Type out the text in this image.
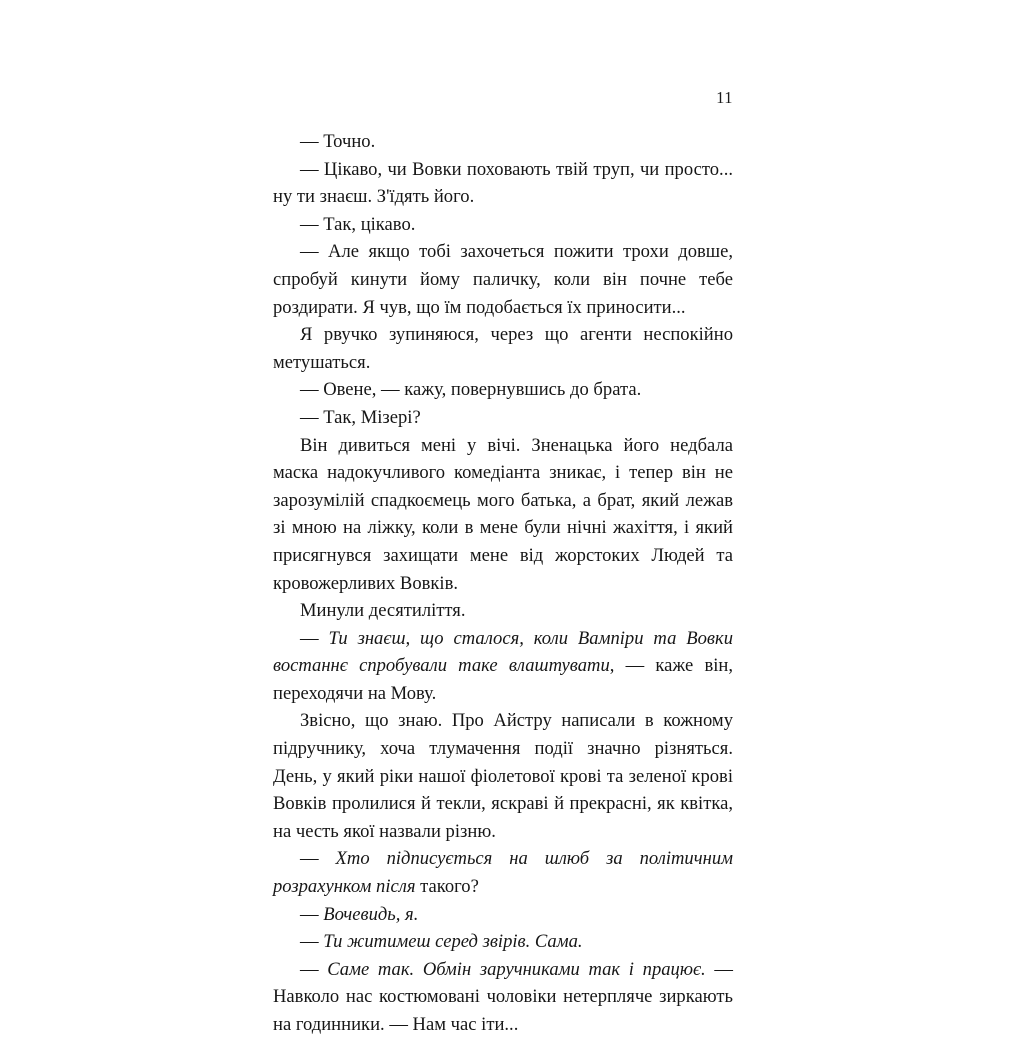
11

— Точно.

— Цікаво, чи Вовки поховають твій труп, чи просто... ну ти знаєш. З'їдять його.

— Так, цікаво.

— Але якщо тобі захочеться пожити трохи довше, спробуй кинути йому паличку, коли він почне тебе роздирати. Я чув, що їм подобається їх приносити...

Я рвучко зупиняюся, через що агенти неспокійно метушаться.

— Овене, — кажу, повернувшись до брата.

— Так, Мізері?

Він дивиться мені у вічі. Зненацька його недбала маска надокучливого комедіанта зникає, і тепер він не зарозумілій спадкоємець мого батька, а брат, який лежав зі мною на ліжку, коли в мене були нічні жахіття, і який присягнувся захищати мене від жорстоких Людей та кровожерливих Вовків.

Минули десятиліття.

— Ти знаєш, що сталося, коли Вампіри та Вовки востаннє спробували таке влаштувати, — каже він, переходячи на Мову.

Звісно, що знаю. Про Айстру написали в кожному підручнику, хоча тлумачення події значно різняться. День, у який ріки нашої фіолетової крові та зеленої крові Вовків пролилися й текли, яскраві й прекрасні, як квітка, на честь якої назвали різню.

— Хто підписується на шлюб за політичним розрахунком після такого?

— Вочевидь, я.

— Ти житимеш серед звірів. Сама.

— Саме так. Обмін заручниками так і працює. — Навколо нас костюмовані чоловіки нетерпляче зиркають на годинники. — Нам час іти...
